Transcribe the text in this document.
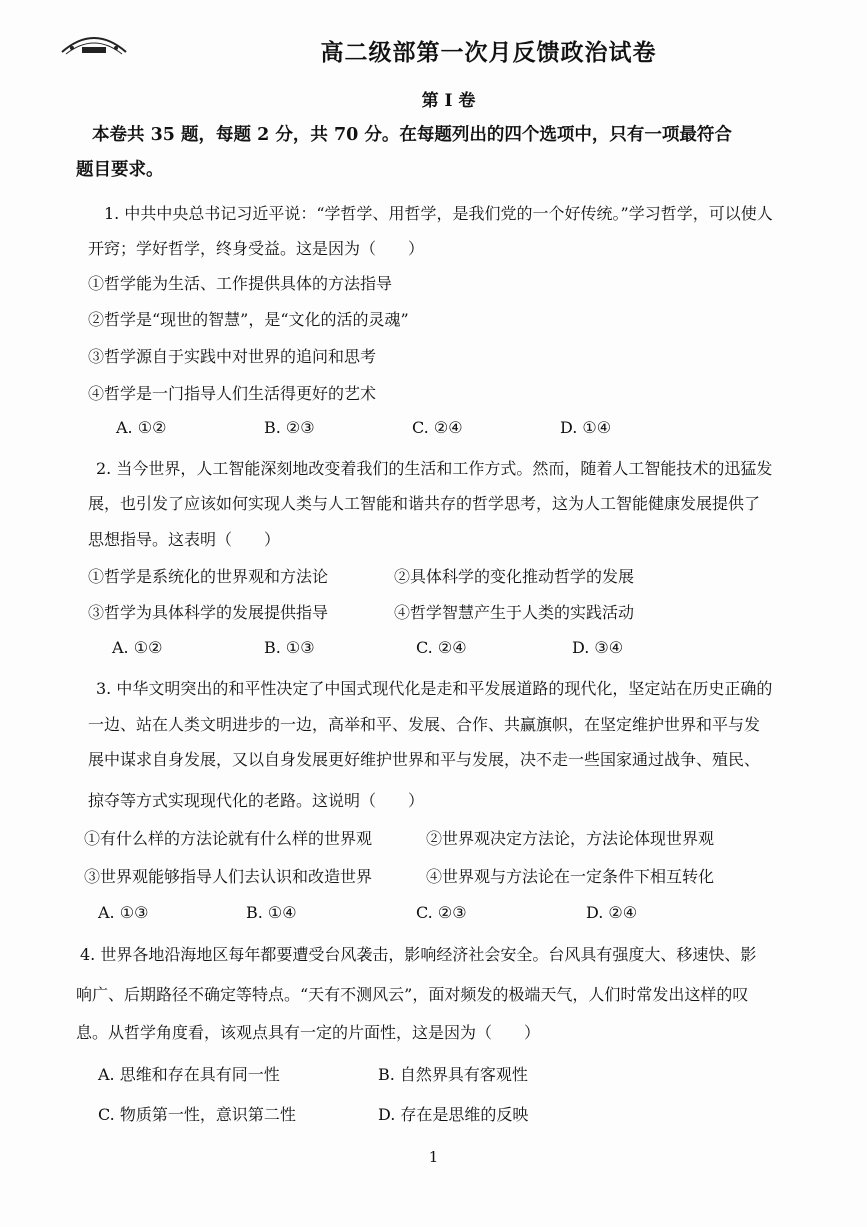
高二级部第一次月反馈政治试卷
第 I 卷
本卷共 35 题，每题 2 分，共 70 分。在每题列出的四个选项中，只有一项最符合
题目要求。
1. 中共中央总书记习近平说：“学哲学、用哲学，是我们党的一个好传统。”学习哲学，可以使人
开窍；学好哲学，终身受益。这是因为（　　）
①哲学能为生活、工作提供具体的方法指导
②哲学是“现世的智慧”，是“文化的活的灵魂”
③哲学源自于实践中对世界的追问和思考
④哲学是一门指导人们生活得更好的艺术
A. ①②	B. ②③	C. ②④	D. ①④
2. 当今世界，人工智能深刻地改变着我们的生活和工作方式。然而，随着人工智能技术的迅猛发
展，也引发了应该如何实现人类与人工智能和谐共存的哲学思考，这为人工智能健康发展提供了
思想指导。这表明（　　）
①哲学是系统化的世界观和方法论	②具体科学的变化推动哲学的发展
③哲学为具体科学的发展提供指导	④哲学智慧产生于人类的实践活动
A. ①②	B. ①③	C. ②④	D. ③④
3. 中华文明突出的和平性决定了中国式现代化是走和平发展道路的现代化，坚定站在历史正确的
一边、站在人类文明进步的一边，高举和平、发展、合作、共赢旗帜，在坚定维护世界和平与发
展中谋求自身发展，又以自身发展更好维护世界和平与发展，决不走一些国家通过战争、殖民、
掠夺等方式实现现代化的老路。这说明（　　）
①有什么样的方法论就有什么样的世界观	②世界观决定方法论，方法论体现世界观
③世界观能够指导人们去认识和改造世界	④世界观与方法论在一定条件下相互转化
A. ①③	B. ①④	C. ②③	D. ②④
4. 世界各地沿海地区每年都要遭受台风袭击，影响经济社会安全。台风具有强度大、移速快、影
响广、后期路径不确定等特点。“天有不测风云”，面对频发的极端天气，人们时常发出这样的叹
息。从哲学角度看，该观点具有一定的片面性，这是因为（　　）
A. 思维和存在具有同一性	B. 自然界具有客观性
C. 物质第一性，意识第二性	D. 存在是思维的反映
1
